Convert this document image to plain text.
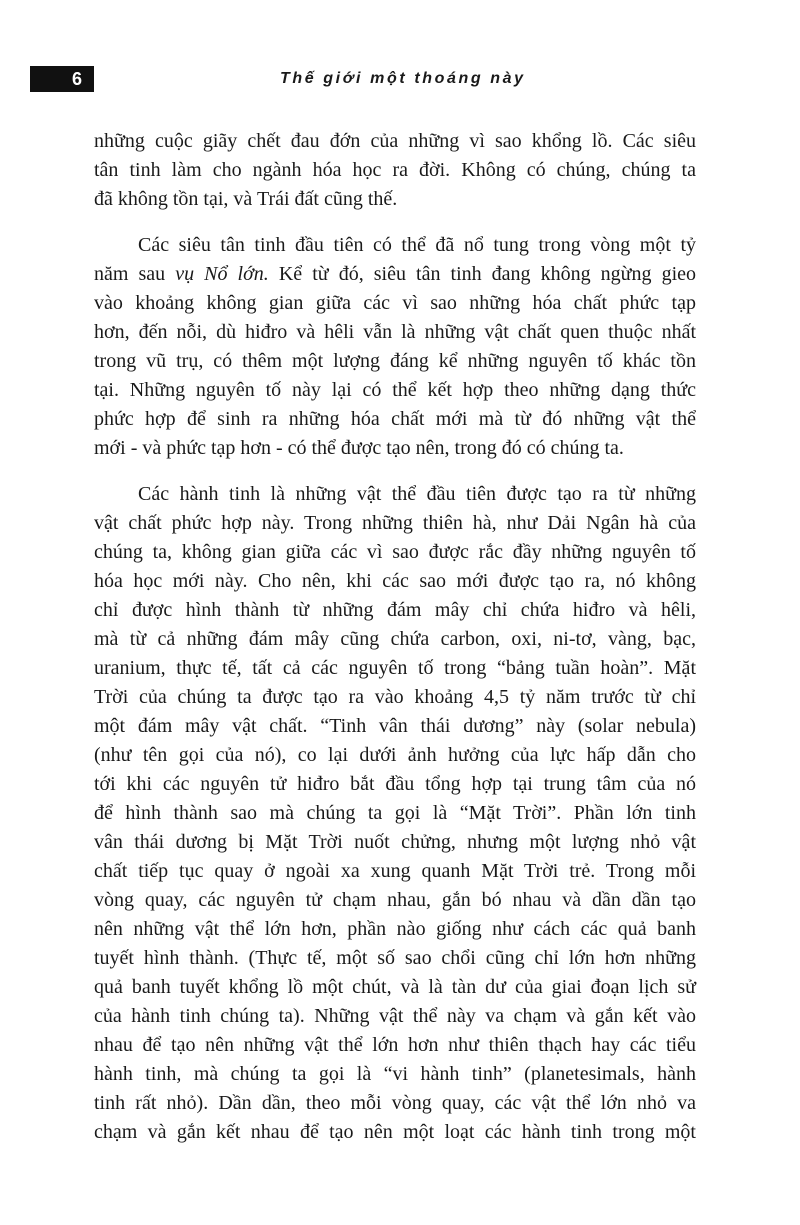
6	Thế giới một thoáng này

những cuộc giãy chết đau đớn của những vì sao khổng lồ. Các siêu
tân tinh làm cho ngành hóa học ra đời. Không có chúng, chúng ta
đã không tồn tại, và Trái đất cũng thế.

Các siêu tân tinh đầu tiên có thể đã nổ tung trong vòng một tỷ
năm sau vụ Nổ lớn. Kể từ đó, siêu tân tinh đang không ngừng gieo
vào khoảng không gian giữa các vì sao những hóa chất phức tạp
hơn, đến nỗi, dù hiđro và hêli vẫn là những vật chất quen thuộc nhất
trong vũ trụ, có thêm một lượng đáng kể những nguyên tố khác tồn
tại. Những nguyên tố này lại có thể kết hợp theo những dạng thức
phức hợp để sinh ra những hóa chất mới mà từ đó những vật thể
mới - và phức tạp hơn - có thể được tạo nên, trong đó có chúng ta.

Các hành tinh là những vật thể đầu tiên được tạo ra từ những
vật chất phức hợp này. Trong những thiên hà, như Dải Ngân hà của
chúng ta, không gian giữa các vì sao được rắc đầy những nguyên tố
hóa học mới này. Cho nên, khi các sao mới được tạo ra, nó không
chỉ được hình thành từ những đám mây chỉ chứa hiđro và hêli,
mà từ cả những đám mây cũng chứa carbon, oxi, ni-tơ, vàng, bạc,
uranium, thực tế, tất cả các nguyên tố trong “bảng tuần hoàn”. Mặt
Trời của chúng ta được tạo ra vào khoảng 4,5 tỷ năm trước từ chỉ
một đám mây vật chất. “Tinh vân thái dương” này (solar nebula)
(như tên gọi của nó), co lại dưới ảnh hưởng của lực hấp dẫn cho
tới khi các nguyên tử hiđro bắt đầu tổng hợp tại trung tâm của nó
để hình thành sao mà chúng ta gọi là “Mặt Trời”. Phần lớn tinh
vân thái dương bị Mặt Trời nuốt chửng, nhưng một lượng nhỏ vật
chất tiếp tục quay ở ngoài xa xung quanh Mặt Trời trẻ. Trong mỗi
vòng quay, các nguyên tử chạm nhau, gắn bó nhau và dần dần tạo
nên những vật thể lớn hơn, phần nào giống như cách các quả banh
tuyết hình thành. (Thực tế, một số sao chổi cũng chỉ lớn hơn những
quả banh tuyết khổng lồ một chút, và là tàn dư của giai đoạn lịch sử
của hành tinh chúng ta). Những vật thể này va chạm và gắn kết vào
nhau để tạo nên những vật thể lớn hơn như thiên thạch hay các tiểu
hành tinh, mà chúng ta gọi là “vi hành tinh” (planetesimals, hành
tinh rất nhỏ). Dần dần, theo mỗi vòng quay, các vật thể lớn nhỏ va
chạm và gắn kết nhau để tạo nên một loạt các hành tinh trong một
